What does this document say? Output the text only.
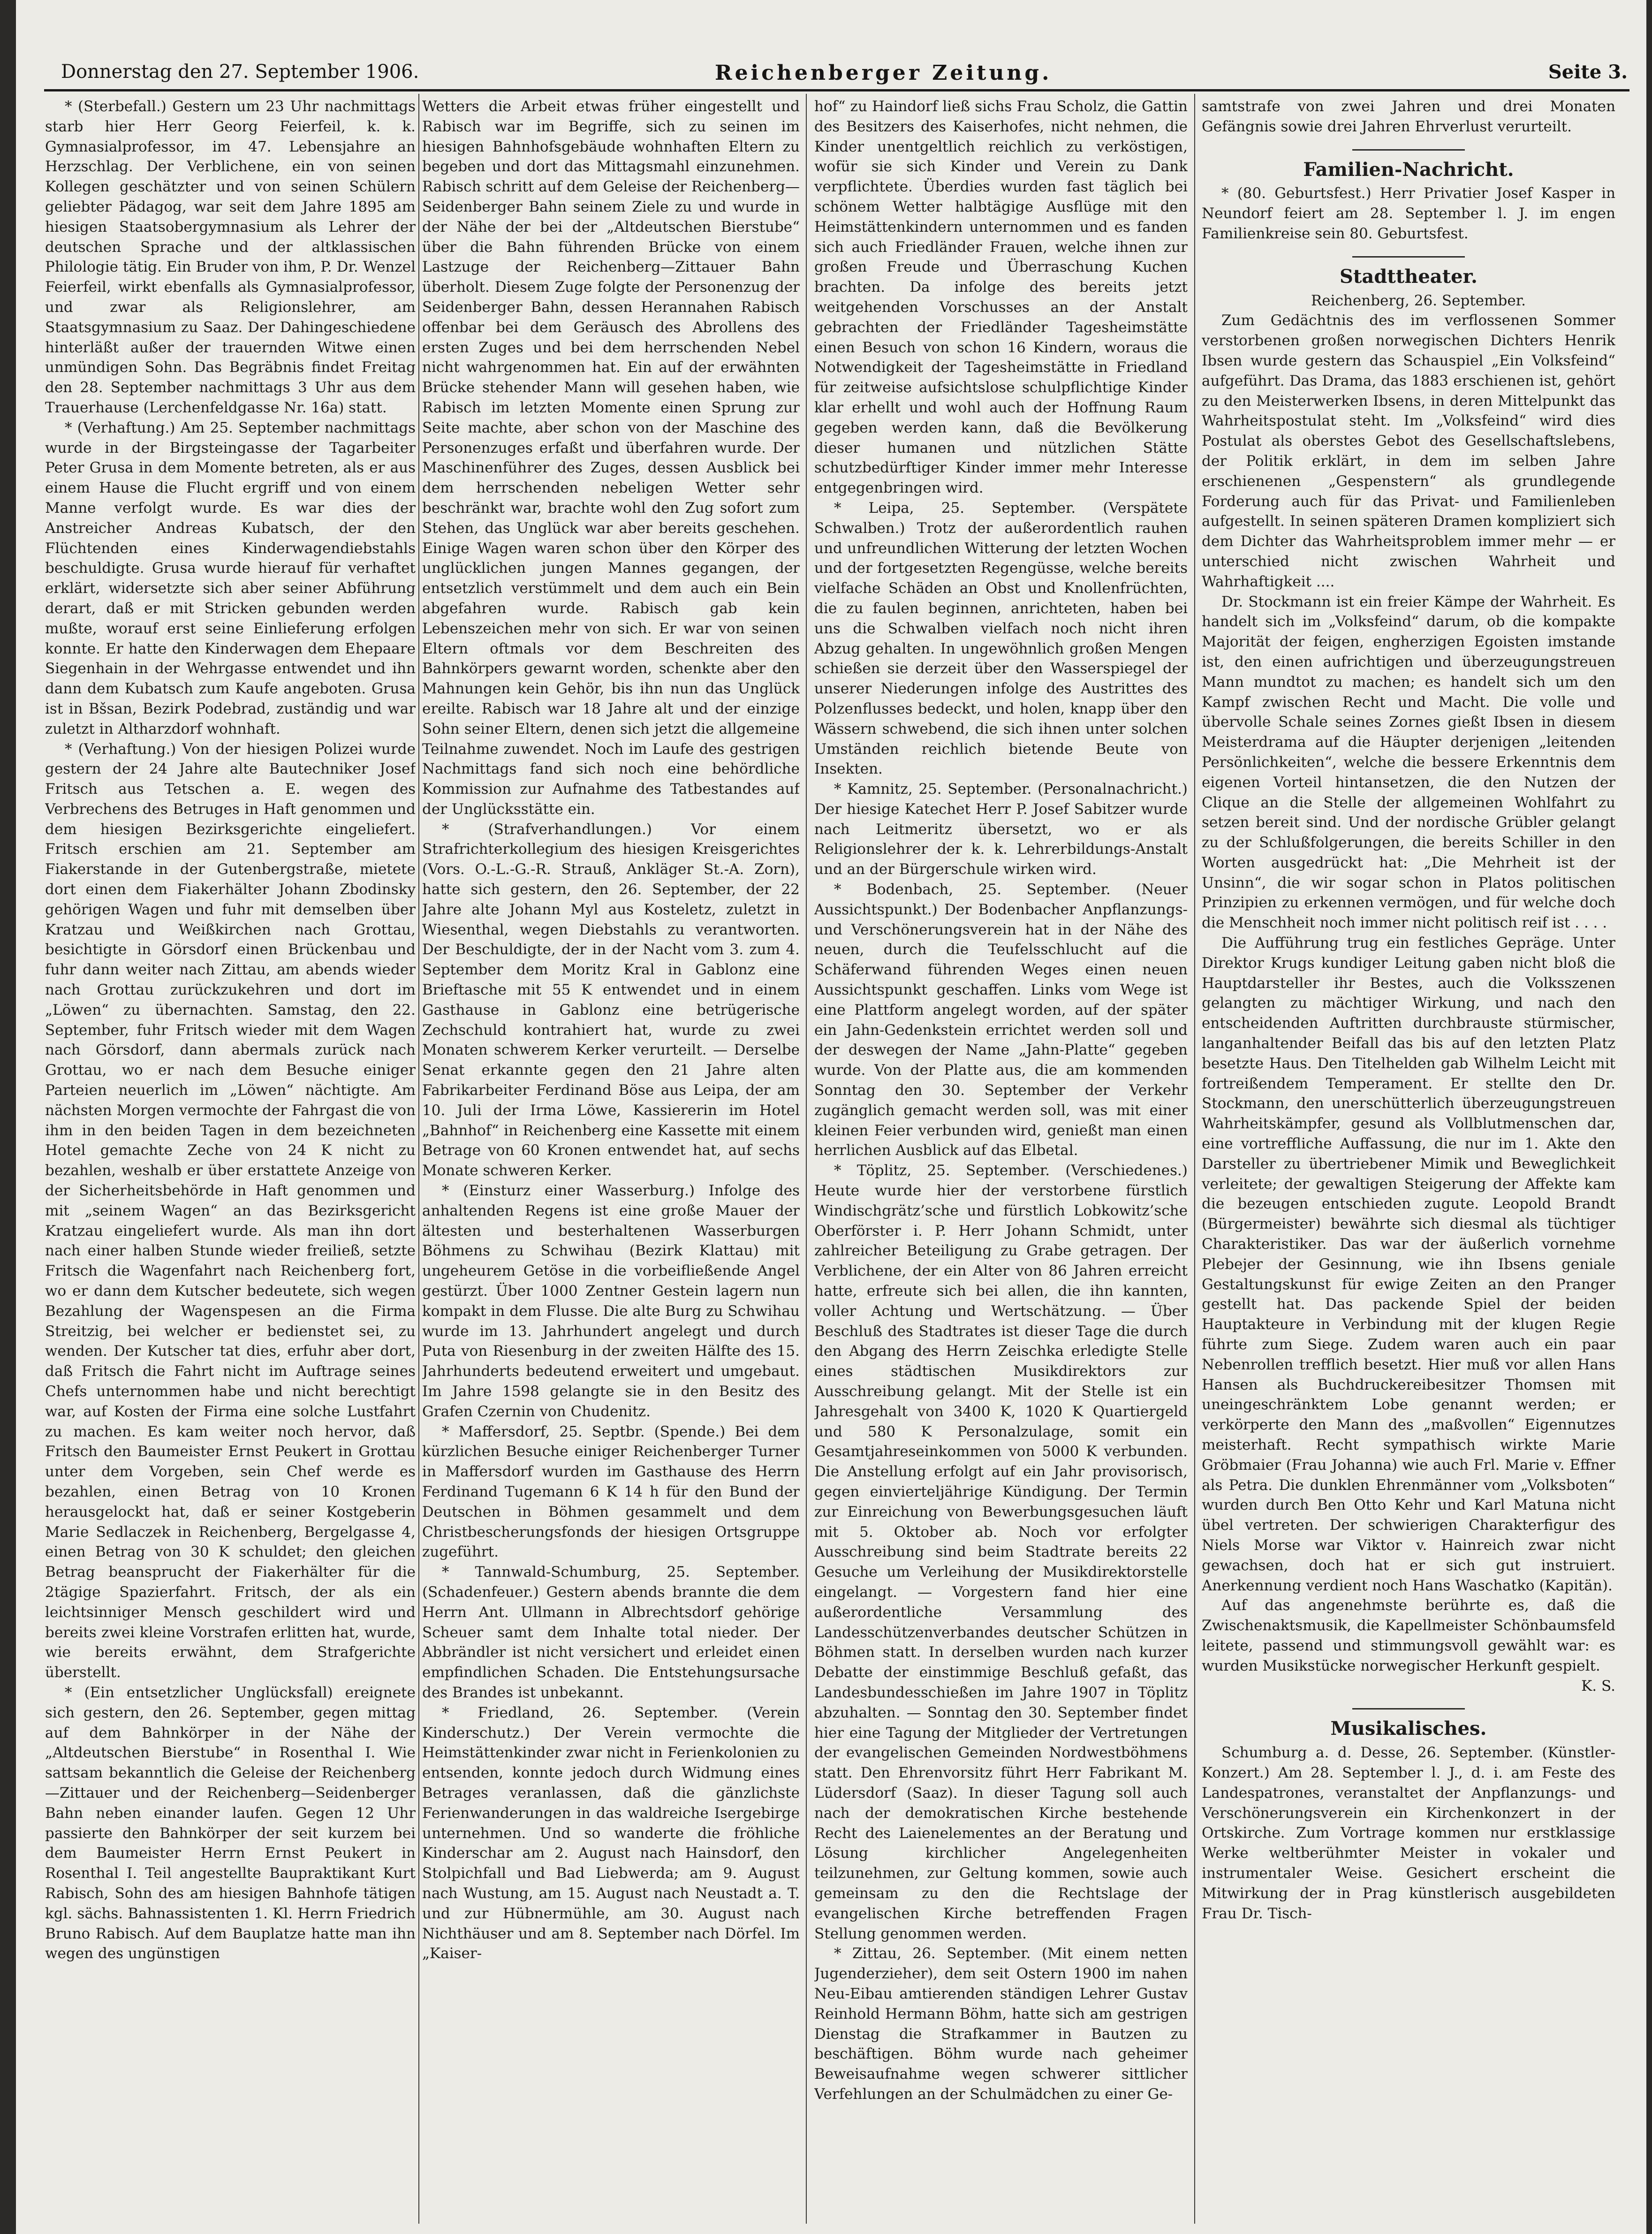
Donnerstag den 27. September 1906.	Reichenberger Zeitung.	Seite 3.

* (Sterbefall.) Gestern um 23 Uhr nachmittags starb hier Herr Georg Feierfeil, k. k. Gymnasialprofessor, im 47. Lebensjahre an Herzschlag. Der Verblichene, ein von seinen Kollegen geschätzter und von seinen Schülern geliebter Pädagog, war seit dem Jahre 1895 am hiesigen Staatsobergymnasium als Lehrer der deutschen Sprache und der altklassischen Philologie tätig. Ein Bruder von ihm, P. Dr. Wenzel Feierfeil, wirkt ebenfalls als Gymnasialprofessor, und zwar als Religionslehrer, am Staatsgymnasium zu Saaz. Der Dahingeschiedene hinterläßt außer der trauernden Witwe einen unmündigen Sohn. Das Begräbnis findet Freitag den 28. September nachmittags 3 Uhr aus dem Trauerhause (Lerchenfeldgasse Nr. 16a) statt.

* (Verhaftung.) Am 25. September nachmittags wurde in der Birgsteingasse der Tagarbeiter Peter Grusa in dem Momente betreten, als er aus einem Hause die Flucht ergriff und von einem Manne verfolgt wurde. Es war dies der Anstreicher Andreas Kubatsch, der den Flüchtenden eines Kinderwagendiebstahls beschuldigte. Grusa wurde hierauf für verhaftet erklärt, widersetzte sich aber seiner Abführung derart, daß er mit Stricken gebunden werden mußte, worauf erst seine Einlieferung erfolgen konnte. Er hatte den Kinderwagen dem Ehepaare Siegenhain in der Wehrgasse entwendet und ihn dann dem Kubatsch zum Kaufe angeboten. Grusa ist in Bšsan, Bezirk Podebrad, zuständig und war zuletzt in Altharzdorf wohnhaft.

* (Verhaftung.) Von der hiesigen Polizei wurde gestern der 24 Jahre alte Bautechniker Josef Fritsch aus Tetschen a. E. wegen des Verbrechens des Betruges in Haft genommen und dem hiesigen Bezirksgerichte eingeliefert. Fritsch erschien am 21. September am Fiakerstande in der Gutenbergstraße, mietete dort einen dem Fiakerhälter Johann Zbodinsky gehörigen Wagen und fuhr mit demselben über Kratzau und Weißkirchen nach Grottau, besichtigte in Görsdorf einen Brückenbau und fuhr dann weiter nach Zittau, am abends wieder nach Grottau zurückzukehren und dort im „Löwen“ zu übernachten. Samstag, den 22. September, fuhr Fritsch wieder mit dem Wagen nach Görsdorf, dann abermals zurück nach Grottau, wo er nach dem Besuche einiger Parteien neuerlich im „Löwen“ nächtigte. Am nächsten Morgen vermochte der Fahrgast die von ihm in den beiden Tagen in dem bezeichneten Hotel gemachte Zeche von 24 K nicht zu bezahlen, weshalb er über erstattete Anzeige von der Sicherheitsbehörde in Haft genommen und mit „seinem Wagen“ an das Bezirksgericht Kratzau eingeliefert wurde. Als man ihn dort nach einer halben Stunde wieder freiließ, setzte Fritsch die Wagenfahrt nach Reichenberg fort, wo er dann dem Kutscher bedeutete, sich wegen Bezahlung der Wagenspesen an die Firma Streitzig, bei welcher er bedienstet sei, zu wenden. Der Kutscher tat dies, erfuhr aber dort, daß Fritsch die Fahrt nicht im Auftrage seines Chefs unternommen habe und nicht berechtigt war, auf Kosten der Firma eine solche Lustfahrt zu machen. Es kam weiter noch hervor, daß Fritsch den Baumeister Ernst Peukert in Grottau unter dem Vorgeben, sein Chef werde es bezahlen, einen Betrag von 10 Kronen herausgelockt hat, daß er seiner Kostgeberin Marie Sedlaczek in Reichenberg, Bergelgasse 4, einen Betrag von 30 K schuldet; den gleichen Betrag beansprucht der Fiakerhälter für die 2tägige Spazierfahrt. Fritsch, der als ein leichtsinniger Mensch geschildert wird und bereits zwei kleine Vorstrafen erlitten hat, wurde, wie bereits erwähnt, dem Strafgerichte überstellt.

* (Ein entsetzlicher Unglücksfall) ereignete sich gestern, den 26. September, gegen mittag auf dem Bahnkörper in der Nähe der „Altdeutschen Bierstube“ in Rosenthal I. Wie sattsam bekanntlich die Geleise der Reichenberg—Zittauer und der Reichenberg—Seidenberger Bahn neben einander laufen. Gegen 12 Uhr passierte den Bahnkörper der seit kurzem bei dem Baumeister Herrn Ernst Peukert in Rosenthal I. Teil angestellte Baupraktikant Kurt Rabisch, Sohn des am hiesigen Bahnhofe tätigen kgl. sächs. Bahnassistenten 1. Kl. Herrn Friedrich Bruno Rabisch. Auf dem Bauplatze hatte man ihn wegen des ungünstigen

Wetters die Arbeit etwas früher eingestellt und Rabisch war im Begriffe, sich zu seinen im hiesigen Bahnhofsgebäude wohnhaften Eltern zu begeben und dort das Mittagsmahl einzunehmen. Rabisch schritt auf dem Geleise der Reichenberg—Seidenberger Bahn seinem Ziele zu und wurde in der Nähe der bei der „Altdeutschen Bierstube“ über die Bahn führenden Brücke von einem Lastzuge der Reichenberg—Zittauer Bahn überholt. Diesem Zuge folgte der Personenzug der Seidenberger Bahn, dessen Herannahen Rabisch offenbar bei dem Geräusch des Abrollens des ersten Zuges und bei dem herrschenden Nebel nicht wahrgenommen hat. Ein auf der erwähnten Brücke stehender Mann will gesehen haben, wie Rabisch im letzten Momente einen Sprung zur Seite machte, aber schon von der Maschine des Personenzuges erfaßt und überfahren wurde. Der Maschinenführer des Zuges, dessen Ausblick bei dem herrschenden nebeligen Wetter sehr beschränkt war, brachte wohl den Zug sofort zum Stehen, das Unglück war aber bereits geschehen. Einige Wagen waren schon über den Körper des unglücklichen jungen Mannes gegangen, der entsetzlich verstümmelt und dem auch ein Bein abgefahren wurde. Rabisch gab kein Lebenszeichen mehr von sich. Er war von seinen Eltern oftmals vor dem Beschreiten des Bahnkörpers gewarnt worden, schenkte aber den Mahnungen kein Gehör, bis ihn nun das Unglück ereilte. Rabisch war 18 Jahre alt und der einzige Sohn seiner Eltern, denen sich jetzt die allgemeine Teilnahme zuwendet. Noch im Laufe des gestrigen Nachmittags fand sich noch eine behördliche Kommission zur Aufnahme des Tatbestandes auf der Unglücksstätte ein.

* (Strafverhandlungen.) Vor einem Strafrichterkollegium des hiesigen Kreisgerichtes (Vors. O.-L.-G.-R. Strauß, Ankläger St.-A. Zorn), hatte sich gestern, den 26. September, der 22 Jahre alte Johann Myl aus Kosteletz, zuletzt in Wiesenthal, wegen Diebstahls zu verantworten. Der Beschuldigte, der in der Nacht vom 3. zum 4. September dem Moritz Kral in Gablonz eine Brieftasche mit 55 K entwendet und in einem Gasthause in Gablonz eine betrügerische Zechschuld kontrahiert hat, wurde zu zwei Monaten schwerem Kerker verurteilt. — Derselbe Senat erkannte gegen den 21 Jahre alten Fabrikarbeiter Ferdinand Böse aus Leipa, der am 10. Juli der Irma Löwe, Kassiererin im Hotel „Bahnhof“ in Reichenberg eine Kassette mit einem Betrage von 60 Kronen entwendet hat, auf sechs Monate schweren Kerker.

* (Einsturz einer Wasserburg.) Infolge des anhaltenden Regens ist eine große Mauer der ältesten und besterhaltenen Wasserburgen Böhmens zu Schwihau (Bezirk Klattau) mit ungeheurem Getöse in die vorbeifließende Angel gestürzt. Über 1000 Zentner Gestein lagern nun kompakt in dem Flusse. Die alte Burg zu Schwihau wurde im 13. Jahrhundert angelegt und durch Puta von Riesenburg in der zweiten Hälfte des 15. Jahrhunderts bedeutend erweitert und umgebaut. Im Jahre 1598 gelangte sie in den Besitz des Grafen Czernin von Chudenitz.

* Maffersdorf, 25. Septbr. (Spende.) Bei dem kürzlichen Besuche einiger Reichenberger Turner in Maffersdorf wurden im Gasthause des Herrn Ferdinand Tugemann 6 K 14 h für den Bund der Deutschen in Böhmen gesammelt und dem Christbescherungsfonds der hiesigen Ortsgruppe zugeführt.

* Tannwald-Schumburg, 25. September. (Schadenfeuer.) Gestern abends brannte die dem Herrn Ant. Ullmann in Albrechtsdorf gehörige Scheuer samt dem Inhalte total nieder. Der Abbrändler ist nicht versichert und erleidet einen empfindlichen Schaden. Die Entstehungsursache des Brandes ist unbekannt.

* Friedland, 26. September. (Verein Kinderschutz.) Der Verein vermochte die Heimstättenkinder zwar nicht in Ferienkolonien zu entsenden, konnte jedoch durch Widmung eines Betrages veranlassen, daß die gänzlichste Ferienwanderungen in das waldreiche Isergebirge unternehmen. Und so wanderte die fröhliche Kinderschar am 2. August nach Hainsdorf, den Stolpichfall und Bad Liebwerda; am 9. August nach Wustung, am 15. August nach Neustadt a. T. und zur Hübnermühle, am 30. August nach Nichthäuser und am 8. September nach Dörfel. Im „Kaiser-

hof“ zu Haindorf ließ sichs Frau Scholz, die Gattin des Besitzers des Kaiserhofes, nicht nehmen, die Kinder unentgeltlich reichlich zu verköstigen, wofür sie sich Kinder und Verein zu Dank verpflichtete. Überdies wurden fast täglich bei schönem Wetter halbtägige Ausflüge mit den Heimstättenkindern unternommen und es fanden sich auch Friedländer Frauen, welche ihnen zur großen Freude und Überraschung Kuchen brachten. Da infolge des bereits jetzt weitgehenden Vorschusses an der Anstalt gebrachten der Friedländer Tagesheimstätte einen Besuch von schon 16 Kindern, woraus die Notwendigkeit der Tagesheimstätte in Friedland für zeitweise aufsichtslose schulpflichtige Kinder klar erhellt und wohl auch der Hoffnung Raum gegeben werden kann, daß die Bevölkerung dieser humanen und nützlichen Stätte schutzbedürftiger Kinder immer mehr Interesse entgegenbringen wird.

* Leipa, 25. September. (Verspätete Schwalben.) Trotz der außerordentlich rauhen und unfreundlichen Witterung der letzten Wochen und der fortgesetzten Regengüsse, welche bereits vielfache Schäden an Obst und Knollenfrüchten, die zu faulen beginnen, anrichteten, haben bei uns die Schwalben vielfach noch nicht ihren Abzug gehalten. In ungewöhnlich großen Mengen schießen sie derzeit über den Wasserspiegel der unserer Niederungen infolge des Austrittes des Polzenflusses bedeckt, und holen, knapp über den Wässern schwebend, die sich ihnen unter solchen Umständen reichlich bietende Beute von Insekten.

* Kamnitz, 25. September. (Personalnachricht.) Der hiesige Katechet Herr P. Josef Sabitzer wurde nach Leitmeritz übersetzt, wo er als Religionslehrer der k. k. Lehrerbildungs-Anstalt und an der Bürgerschule wirken wird.

* Bodenbach, 25. September. (Neuer Aussichtspunkt.) Der Bodenbacher Anpflanzungs- und Verschönerungsverein hat in der Nähe des neuen, durch die Teufelsschlucht auf die Schäferwand führenden Weges einen neuen Aussichtspunkt geschaffen. Links vom Wege ist eine Plattform angelegt worden, auf der später ein Jahn-Gedenkstein errichtet werden soll und der deswegen der Name „Jahn-Platte“ gegeben wurde. Von der Platte aus, die am kommenden Sonntag den 30. September der Verkehr zugänglich gemacht werden soll, was mit einer kleinen Feier verbunden wird, genießt man einen herrlichen Ausblick auf das Elbetal.

* Töplitz, 25. September. (Verschiedenes.) Heute wurde hier der verstorbene fürstlich Windischgrätz’sche und fürstlich Lobkowitz’sche Oberförster i. P. Herr Johann Schmidt, unter zahlreicher Beteiligung zu Grabe getragen. Der Verblichene, der ein Alter von 86 Jahren erreicht hatte, erfreute sich bei allen, die ihn kannten, voller Achtung und Wertschätzung. — Über Beschluß des Stadtrates ist dieser Tage die durch den Abgang des Herrn Zeischka erledigte Stelle eines städtischen Musikdirektors zur Ausschreibung gelangt. Mit der Stelle ist ein Jahresgehalt von 3400 K, 1020 K Quartiergeld und 580 K Personalzulage, somit ein Gesamtjahreseinkommen von 5000 K verbunden. Die Anstellung erfolgt auf ein Jahr provisorisch, gegen einvierteljährige Kündigung. Der Termin zur Einreichung von Bewerbungsgesuchen läuft mit 5. Oktober ab. Noch vor erfolgter Ausschreibung sind beim Stadtrate bereits 22 Gesuche um Verleihung der Musikdirektorstelle eingelangt. — Vorgestern fand hier eine außerordentliche Versammlung des Landesschützenverbandes deutscher Schützen in Böhmen statt. In derselben wurden nach kurzer Debatte der einstimmige Beschluß gefaßt, das Landesbundesschießen im Jahre 1907 in Töplitz abzuhalten. — Sonntag den 30. September findet hier eine Tagung der Mitglieder der Vertretungen der evangelischen Gemeinden Nordwestböhmens statt. Den Ehrenvorsitz führt Herr Fabrikant M. Lüdersdorf (Saaz). In dieser Tagung soll auch nach der demokratischen Kirche bestehende Recht des Laienelementes an der Beratung und Lösung kirchlicher Angelegenheiten teilzunehmen, zur Geltung kommen, sowie auch gemeinsam zu den die Rechtslage der evangelischen Kirche betreffenden Fragen Stellung genommen werden.

* Zittau, 26. September. (Mit einem netten Jugenderzieher), dem seit Ostern 1900 im nahen Neu-Eibau amtierenden ständigen Lehrer Gustav Reinhold Hermann Böhm, hatte sich am gestrigen Dienstag die Strafkammer in Bautzen zu beschäftigen. Böhm wurde nach geheimer Beweisaufnahme wegen schwerer sittlicher Verfehlungen an der Schulmädchen zu einer Ge-

samtstrafe von zwei Jahren und drei Monaten Gefängnis sowie drei Jahren Ehrverlust verurteilt.

Familien-Nachricht.

* (80. Geburtsfest.) Herr Privatier Josef Kasper in Neundorf feiert am 28. September l. J. im engen Familienkreise sein 80. Geburtsfest.

Stadttheater.

Reichenberg, 26. September.

Zum Gedächtnis des im verflossenen Sommer verstorbenen großen norwegischen Dichters Henrik Ibsen wurde gestern das Schauspiel „Ein Volksfeind“ aufgeführt. Das Drama, das 1883 erschienen ist, gehört zu den Meisterwerken Ibsens, in deren Mittelpunkt das Wahrheitspostulat steht. Im „Volksfeind“ wird dies Postulat als oberstes Gebot des Gesellschaftslebens, der Politik erklärt, in dem im selben Jahre erschienenen „Gespenstern“ als grundlegende Forderung auch für das Privat- und Familienleben aufgestellt. In seinen späteren Dramen kompliziert sich dem Dichter das Wahrheitsproblem immer mehr — er unterschied nicht zwischen Wahrheit und Wahrhaftigkeit ....

Dr. Stockmann ist ein freier Kämpe der Wahrheit. Es handelt sich im „Volksfeind“ darum, ob die kompakte Majorität der feigen, engherzigen Egoisten imstande ist, den einen aufrichtigen und überzeugungstreuen Mann mundtot zu machen; es handelt sich um den Kampf zwischen Recht und Macht. Die volle und übervolle Schale seines Zornes gießt Ibsen in diesem Meisterdrama auf die Häupter derjenigen „leitenden Persönlichkeiten“, welche die bessere Erkenntnis dem eigenen Vorteil hintansetzen, die den Nutzen der Clique an die Stelle der allgemeinen Wohlfahrt zu setzen bereit sind. Und der nordische Grübler gelangt zu der Schlußfolgerungen, die bereits Schiller in den Worten ausgedrückt hat: „Die Mehrheit ist der Unsinn“, die wir sogar schon in Platos politischen Prinzipien zu erkennen vermögen, und für welche doch die Menschheit noch immer nicht politisch reif ist . . . .

Die Aufführung trug ein festliches Gepräge. Unter Direktor Krugs kundiger Leitung gaben nicht bloß die Hauptdarsteller ihr Bestes, auch die Volksszenen gelangten zu mächtiger Wirkung, und nach den entscheidenden Auftritten durchbrauste stürmischer, langanhaltender Beifall das bis auf den letzten Platz besetzte Haus. Den Titelhelden gab Wilhelm Leicht mit fortreißendem Temperament. Er stellte den Dr. Stockmann, den unerschütterlich überzeugungstreuen Wahrheitskämpfer, gesund als Vollblutmenschen dar, eine vortreffliche Auffassung, die nur im 1. Akte den Darsteller zu übertriebener Mimik und Beweglichkeit verleitete; der gewaltigen Steigerung der Affekte kam die bezeugen entschieden zugute. Leopold Brandt (Bürgermeister) bewährte sich diesmal als tüchtiger Charakteristiker. Das war der äußerlich vornehme Plebejer der Gesinnung, wie ihn Ibsens geniale Gestaltungskunst für ewige Zeiten an den Pranger gestellt hat. Das packende Spiel der beiden Hauptakteure in Verbindung mit der klugen Regie führte zum Siege. Zudem waren auch ein paar Nebenrollen trefflich besetzt. Hier muß vor allen Hans Hansen als Buchdruckereibesitzer Thomsen mit uneingeschränktem Lobe genannt werden; er verkörperte den Mann des „maßvollen“ Eigennutzes meisterhaft. Recht sympathisch wirkte Marie Gröbmaier (Frau Johanna) wie auch Frl. Marie v. Effner als Petra. Die dunklen Ehrenmänner vom „Volksboten“ wurden durch Ben Otto Kehr und Karl Matuna nicht übel vertreten. Der schwierigen Charakterfigur des Niels Morse war Viktor v. Hainreich zwar nicht gewachsen, doch hat er sich gut instruiert. Anerkennung verdient noch Hans Waschatko (Kapitän).

Auf das angenehmste berührte es, daß die Zwischenaktsmusik, die Kapellmeister Schönbaumsfeld leitete, passend und stimmungsvoll gewählt war: es wurden Musikstücke norwegischer Herkunft gespielt.

K. S.

Musikalisches.

Schumburg a. d. Desse, 26. September. (Künstler-Konzert.) Am 28. September l. J., d. i. am Feste des Landespatrones, veranstaltet der Anpflanzungs- und Verschönerungsverein ein Kirchenkonzert in der Ortskirche. Zum Vortrage kommen nur erstklassige Werke weltberühmter Meister in vokaler und instrumentaler Weise. Gesichert erscheint die Mitwirkung der in Prag künstlerisch ausgebildeten Frau Dr. Tisch-
